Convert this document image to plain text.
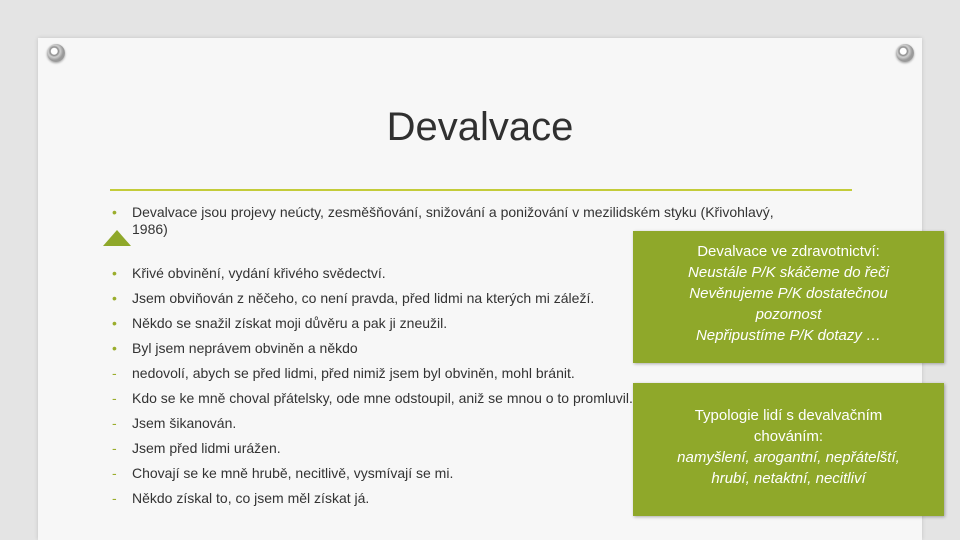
Devalvace
• Devalvace jsou projevy neúcty, zesměšňování, snižování a ponižování v mezilidském styku (Křivohlavý, 1986)
• Křivé obvinění, vydání křivého svědectví.
• Jsem obviňován z něčeho, co není pravda, před lidmi na kterých mi záleží.
• Někdo se snažil získat moji důvěru a pak ji zneužil.
• Byl jsem neprávem obviněn a někdo
- nedovolí, abych se před lidmi, před nimiž jsem byl obviněn, mohl bránit.
- Kdo se ke mně choval přátelsky, ode mne odstoupil, aniž se mnou o to promluvil.
- Jsem šikanován.
- Jsem před lidmi urážen.
- Chovají se ke mně hrubě, necitlivě, vysmívají se mi.
- Někdo získal to, co jsem měl získat já.
Devalvace ve zdravotnictví:
Neustále P/K skáčeme do řeči
Nevěnujeme P/K dostatečnou
pozornost
Nepřipustíme P/K dotazy …
Typologie lidí s devalvačním
chováním:
namyšlení, arogantní, nepřátelští,
hrubí, netaktní, necitliví
